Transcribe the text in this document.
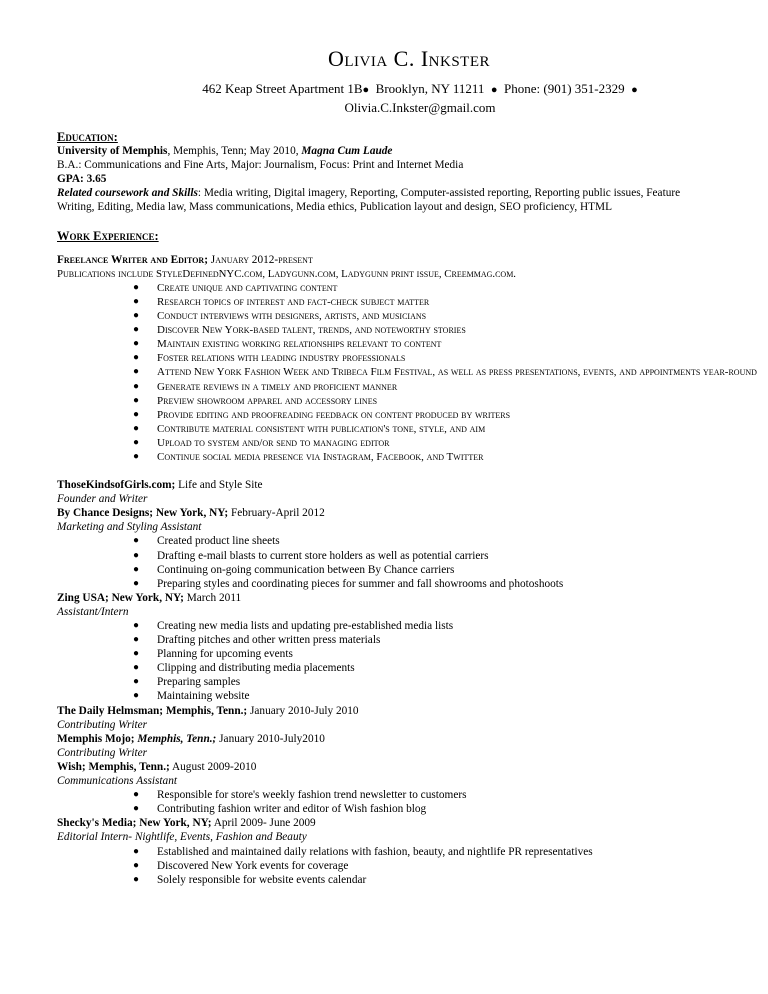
Olivia C. Inkster
462 Keap Street Apartment 1B● Brooklyn, NY 11211 ● Phone: (901) 351-2329 ●
Olivia.C.Inkster@gmail.com
Education:
University of Memphis, Memphis, Tenn; May 2010, Magna Cum Laude
B.A.: Communications and Fine Arts, Major: Journalism, Focus: Print and Internet Media
GPA: 3.65
Related coursework and Skills: Media writing, Digital imagery, Reporting, Computer-assisted reporting, Reporting public issues, Feature Writing, Editing, Media law, Mass communications, Media ethics, Publication layout and design, SEO proficiency, HTML
Work Experience:
Freelance Writer and Editor; January 2012-present
Publications include StyleDefinedNYC.com, Ladygunn.com, Ladygunn print issue, Creemmag.com.
● Create unique and captivating content
● Research topics of interest and fact-check subject matter
● Conduct interviews with designers, artists, and musicians
● Discover New York-based talent, trends, and noteworthy stories
● Maintain existing working relationships relevant to content
● Foster relations with leading industry professionals
● Attend New York Fashion Week and Tribeca Film Festival, as well as press presentations, events, and appointments year-round
● Generate reviews in a timely and proficient manner
● Preview showroom apparel and accessory lines
● Provide editing and proofreading feedback on content produced by writers
● Contribute material consistent with publication's tone, style, and aim
● Upload to system and/or send to managing editor
● Continue social media presence via Instagram, Facebook, and Twitter
ThoseKindsofGirls.com; Life and Style Site
Founder and Writer
By Chance Designs; New York, NY; February-April 2012
Marketing and Styling Assistant
● Created product line sheets
● Drafting e-mail blasts to current store holders as well as potential carriers
● Continuing on-going communication between By Chance carriers
● Preparing styles and coordinating pieces for summer and fall showrooms and photoshoots
Zing USA; New York, NY; March 2011
Assistant/Intern
● Creating new media lists and updating pre-established media lists
● Drafting pitches and other written press materials
● Planning for upcoming events
● Clipping and distributing media placements
● Preparing samples
● Maintaining website
The Daily Helmsman; Memphis, Tenn.; January 2010-July 2010
Contributing Writer
Memphis Mojo; Memphis, Tenn.; January 2010-July2010
Contributing Writer
Wish; Memphis, Tenn.; August 2009-2010
Communications Assistant
● Responsible for store's weekly fashion trend newsletter to customers
● Contributing fashion writer and editor of Wish fashion blog
Shecky's Media; New York, NY; April 2009- June 2009
Editorial Intern- Nightlife, Events, Fashion and Beauty
● Established and maintained daily relations with fashion, beauty, and nightlife PR representatives
● Discovered New York events for coverage
● Solely responsible for website events calendar
